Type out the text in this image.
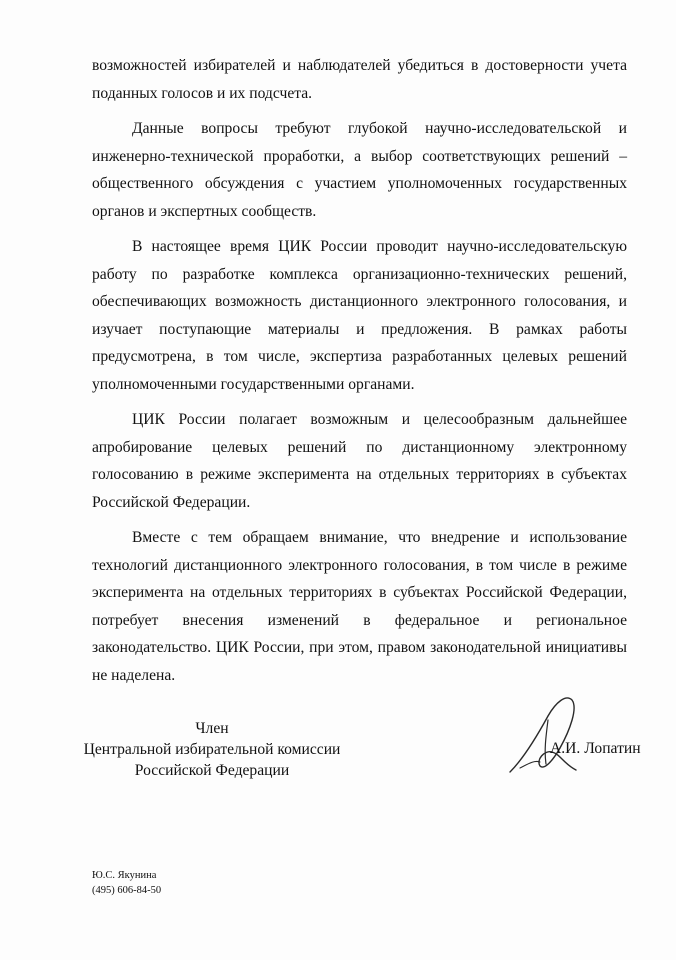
возможностей избирателей и наблюдателей убедиться в достоверности учета поданных голосов и их подсчета.

Данные вопросы требуют глубокой научно-исследовательской и инженерно-технической проработки, а выбор соответствующих решений – общественного обсуждения с участием уполномоченных государственных органов и экспертных сообществ.

В настоящее время ЦИК России проводит научно-исследовательскую работу по разработке комплекса организационно-технических решений, обеспечивающих возможность дистанционного электронного голосования, и изучает поступающие материалы и предложения. В рамках работы предусмотрена, в том числе, экспертиза разработанных целевых решений уполномоченными государственными органами.

ЦИК России полагает возможным и целесообразным дальнейшее апробирование целевых решений по дистанционному электронному голосованию в режиме эксперимента на отдельных территориях в субъектах Российской Федерации.

Вместе с тем обращаем внимание, что внедрение и использование технологий дистанционного электронного голосования, в том числе в режиме эксперимента на отдельных территориях в субъектах Российской Федерации, потребует внесения изменений в федеральное и региональное законодательство. ЦИК России, при этом, правом законодательной инициативы не наделена.

Член
Центральной избирательной комиссии
Российской Федерации
А.И. Лопатин
Ю.С. Якунина
(495) 606-84-50
